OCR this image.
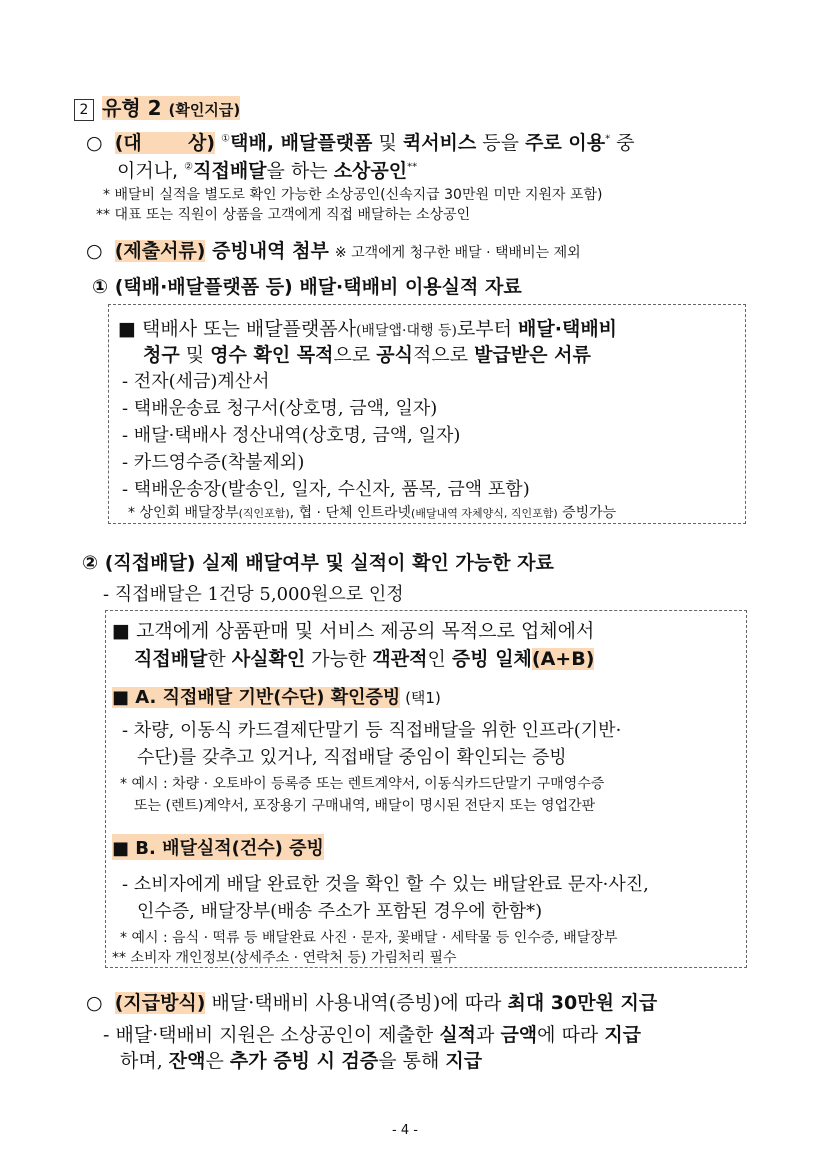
2 유형 2 (확인지급)
○ (대       상) ①택배, 배달플랫폼 및 퀵서비스 등을 주로 이용* 중
이거나, ②직접배달을 하는 소상공인**
* 배달비 실적을 별도로 확인 가능한 소상공인(신속지급 30만원 미만 지원자 포함)
** 대표 또는 직원이 상품을 고객에게 직접 배달하는 소상공인
○ (제출서류) 증빙내역 첨부 ※ 고객에게 청구한 배달 · 택배비는 제외
① (택배·배달플랫폼 등) 배달·택배비 이용실적 자료
■ 택배사 또는 배달플랫폼사(배달앱·대행 등)로부터 배달·택배비
청구 및 영수 확인 목적으로 공식적으로 발급받은 서류
- 전자(세금)계산서
- 택배운송료 청구서(상호명, 금액, 일자)
- 배달·택배사 정산내역(상호명, 금액, 일자)
- 카드영수증(착불제외)
- 택배운송장(발송인, 일자, 수신자, 품목, 금액 포함)
* 상인회 배달장부(직인포함), 협 · 단체 인트라넷(배달내역 자체양식, 직인포함) 증빙가능
② (직접배달) 실제 배달여부 및 실적이 확인 가능한 자료
- 직접배달은 1건당 5,000원으로 인정
■ 고객에게 상품판매 및 서비스 제공의 목적으로 업체에서
직접배달한 사실확인 가능한 객관적인 증빙 일체(A+B)
■ A. 직접배달 기반(수단) 확인증빙 (택1)
- 차량, 이동식 카드결제단말기 등 직접배달을 위한 인프라(기반·
수단)를 갖추고 있거나, 직접배달 중임이 확인되는 증빙
* 예시 : 차량 · 오토바이 등록증 또는 렌트계약서, 이동식카드단말기 구매영수증
또는 (렌트)계약서, 포장용기 구매내역, 배달이 명시된 전단지 또는 영업간판
■ B. 배달실적(건수) 증빙
- 소비자에게 배달 완료한 것을 확인 할 수 있는 배달완료 문자·사진,
인수증, 배달장부(배송 주소가 포함된 경우에 한함*)
* 예시 : 음식 · 떡류 등 배달완료 사진 · 문자, 꽃배달 · 세탁물 등 인수증, 배달장부
** 소비자 개인정보(상세주소 · 연락처 등) 가림처리 필수
○ (지급방식) 배달·택배비 사용내역(증빙)에 따라 최대 30만원 지급
- 배달·택배비 지원은 소상공인이 제출한 실적과 금액에 따라 지급
하며, 잔액은 추가 증빙 시 검증을 통해 지급
- 4 -
